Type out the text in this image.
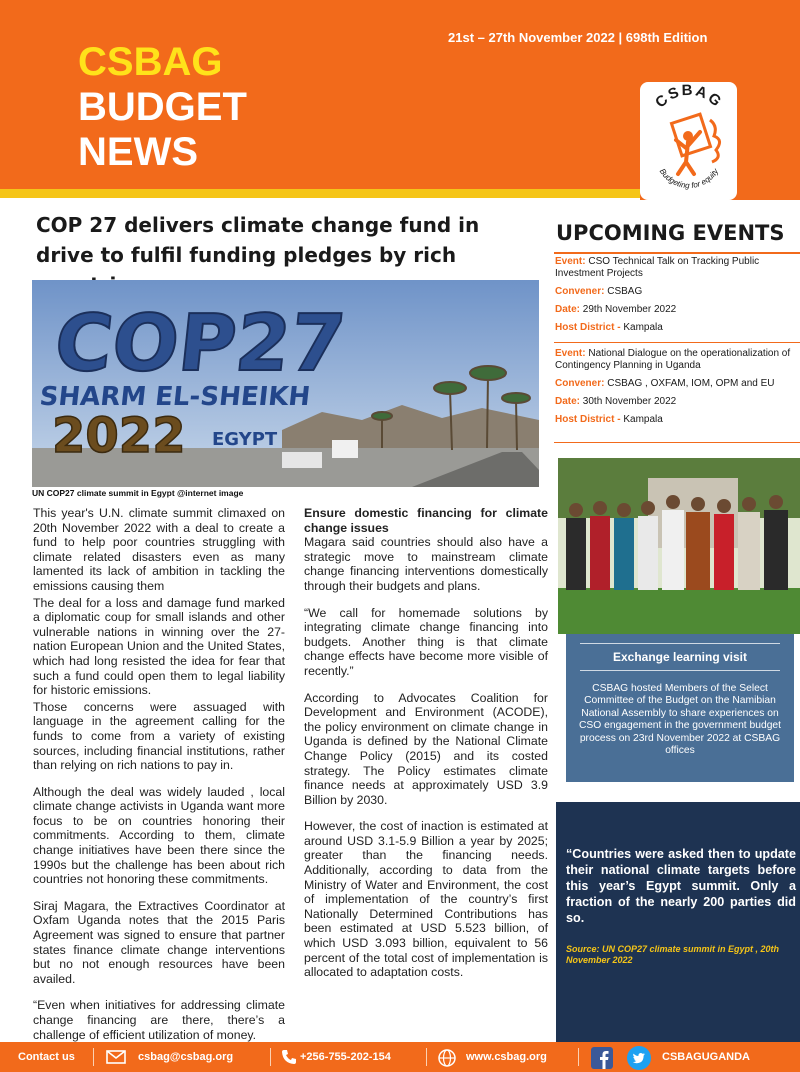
CSBAG
BUDGET
NEWS
21st – 27th November 2022 | 698th Edition
CSBAG
Budgeting for equity
COP 27 delivers climate change fund in drive to fulfil funding pledges by rich
COP27
SHARM EL-SHEIKH
2022 EGYPT
UN COP27 climate summit in Egypt @internet image

This year's U.N. climate summit climaxed on 20th November 2022 with a deal to create a fund to help poor countries struggling with climate related disasters even as many lamented its lack of ambition in tackling the emissions causing them

The deal for a loss and damage fund marked a diplomatic coup for small islands and other vulnerable nations in winning over the 27-nation European Union and the United States, which had long resisted the idea for fear that such a fund could open them to legal liability for historic emissions.

Those concerns were assuaged with language in the agreement calling for the funds to come from a variety of existing sources, including financial institutions, rather than relying on rich nations to pay in.

Although the deal was widely lauded , local climate change activists in Uganda want more focus to be on countries honoring their commitments. According to them, climate change initiatives have been there since the 1990s but the challenge has been about rich countries not honoring these commitments.

Siraj Magara, the Extractives Coordinator at Oxfam Uganda notes that the 2015 Paris Agreement was signed to ensure that partner states finance climate change interventions but no not enough resources have been availed.

“Even when initiatives for addressing climate change financing are there, there’s a challenge of efficient utilization of money.

Ensure domestic financing for climate change issues

Magara said countries should also have a strategic move to mainstream climate change financing interventions domestically through their budgets and plans.

“We call for homemade solutions by integrating climate change financing into budgets. Another thing is that climate change effects have become more visible of recently.”

According to Advocates Coalition for Development and Environment (ACODE), the policy environment on climate change in Uganda is defined by the National Climate Change Policy (2015) and its costed strategy. The Policy estimates climate finance needs at approximately USD 3.9 Billion by 2030.

However, the cost of inaction is estimated at around USD 3.1-5.9 Billion a year by 2025; greater than the financing needs. Additionally, according to data from the Ministry of Water and Environment, the cost of implementation of the country’s first Nationally Determined Contributions has been estimated at USD 5.523 billion, of which USD 3.093 billion, equivalent to 56 percent of the total cost of implementation is allocated to adaptation costs.

UPCOMING EVENTS
Event: CSO Technical Talk on Tracking Public Investment Projects
Convener: CSBAG
Date: 29th November 2022
Host District - Kampala
Event: National Dialogue on the operationalization of Contingency Planning in Uganda
Convener: CSBAG , OXFAM, IOM, OPM and EU
Date: 30th November 2022
Host District - Kampala
Exchange learning visit
CSBAG hosted Members of the Select Committee of the Budget on the Namibian National Assembly to share experiences on CSO engagement in the government budget process on 23rd November 2022 at CSBAG offices
“Countries were asked then to update their national climate targets before this year’s Egypt summit. Only a fraction of the nearly 200 parties did so.
Source: UN COP27 climate summit in Egypt , 20th November 2022
Contact us	csbag@csbag.org	+256-755-202-154	www.csbag.org	CSBAGUGANDA
